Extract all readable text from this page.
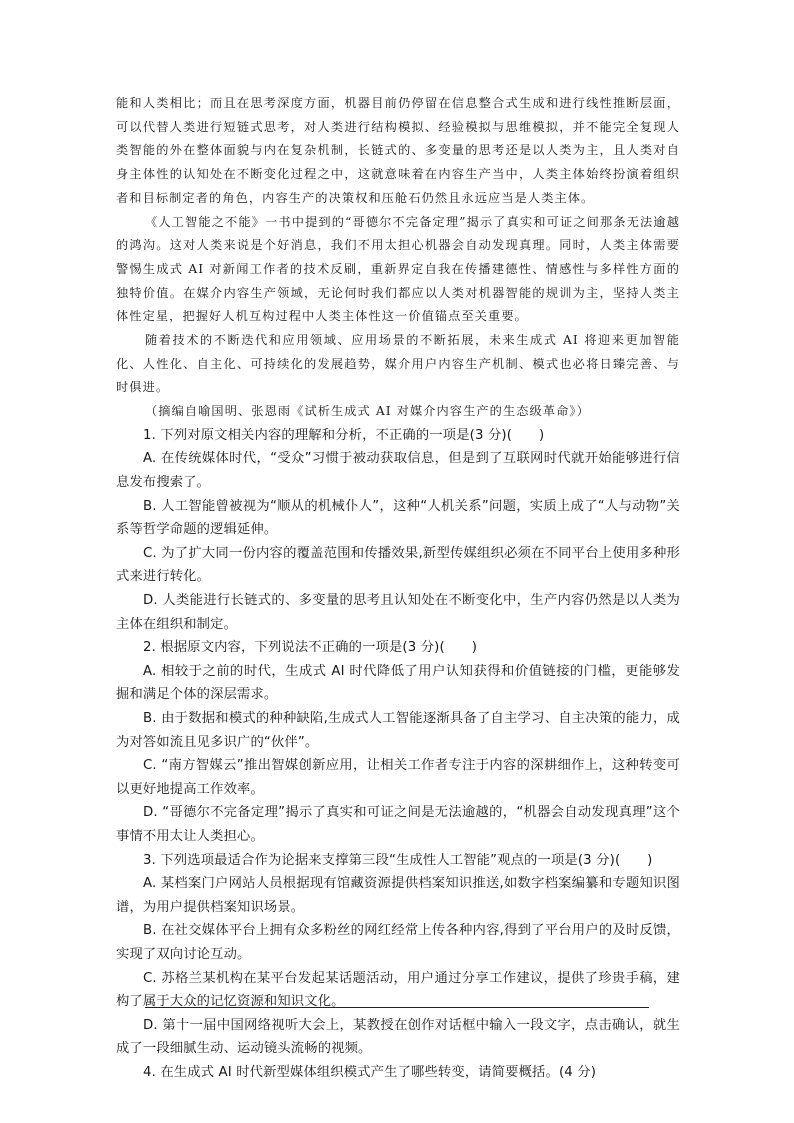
能和人类相比；而且在思考深度方面，机器目前仍停留在信息整合式生成和进行线性推断层面，可以代替人类进行短链式思考，对人类进行结构模拟、经验模拟与思维模拟，并不能完全复现人类智能的外在整体面貌与内在复杂机制，长链式的、多变量的思考还是以人类为主，且人类对自身主体性的认知处在不断变化过程之中，这就意味着在内容生产当中，人类主体始终扮演着组织者和目标制定者的角色，内容生产的决策权和压舱石仍然且永远应当是人类主体。

《人工智能之不能》一书中提到的“哥德尔不完备定理”揭示了真实和可证之间那条无法逾越的鸿沟。这对人类来说是个好消息，我们不用太担心机器会自动发现真理。同时，人类主体需要警惕生成式 AI 对新闻工作者的技术反刷，重新界定自我在传播建德性、情感性与多样性方面的独特价值。在媒介内容生产领域，无论何时我们都应以人类对机器智能的规训为主，坚持人类主体性定星，把握好人机互构过程中人类主体性这一价值锚点至关重要。

随着技术的不断迭代和应用领域、应用场景的不断拓展，未来生成式 AI 将迎来更加智能化、人性化、自主化、可持续化的发展趋势，媒介用户内容生产机制、模式也必将日臻完善、与时俱进。

（摘编自喻国明、张恩雨《试析生成式 AI 对媒介内容生产的生态级革命》）

1. 下列对原文相关内容的理解和分析，不正确的一项是(3 分)(　　)

A. 在传统媒体时代，“受众”习惯于被动获取信息，但是到了互联网时代就开始能够进行信息发布搜索了。

B. 人工智能曾被视为“顺从的机械仆人”，这种“人机关系”问题，实质上成了“人与动物”关系等哲学命题的逻辑延伸。

C. 为了扩大同一份内容的覆盖范围和传播效果,新型传媒组织必须在不同平台上使用多种形式来进行转化。

D. 人类能进行长链式的、多变量的思考且认知处在不断变化中，生产内容仍然是以人类为主体在组织和制定。

2. 根据原文内容，下列说法不正确的一项是(3 分)(　　)

A. 相较于之前的时代，生成式 AI 时代降低了用户认知获得和价值链接的门槛，更能够发掘和满足个体的深层需求。

B. 由于数据和模式的种种缺陷,生成式人工智能逐渐具备了自主学习、自主决策的能力，成为对答如流且见多识广的“伙伴”。

C. “南方智媒云”推出智媒创新应用，让相关工作者专注于内容的深耕细作上，这种转变可以更好地提高工作效率。

D. “哥德尔不完备定理”揭示了真实和可证之间是无法逾越的，“机器会自动发现真理”这个事情不用太让人类担心。

3. 下列选项最适合作为论据来支撑第三段“生成性人工智能”观点的一项是(3 分)(　　)

A. 某档案门户网站人员根据现有馆藏资源提供档案知识推送,如数字档案编纂和专题知识图谱，为用户提供档案知识场景。

B. 在社交媒体平台上拥有众多粉丝的网红经常上传各种内容,得到了平台用户的及时反馈，实现了双向讨论互动。

C. 苏格兰某机构在某平台发起某话题活动，用户通过分享工作建议，提供了珍贵手稿，建构了属于大众的记忆资源和知识文化。

D. 第十一届中国网络视听大会上，某教授在创作对话框中输入一段文字，点击确认，就生成了一段细腻生动、运动镜头流畅的视频。

4. 在生成式 AI 时代新型媒体组织模式产生了哪些转变，请简要概括。(4 分)
